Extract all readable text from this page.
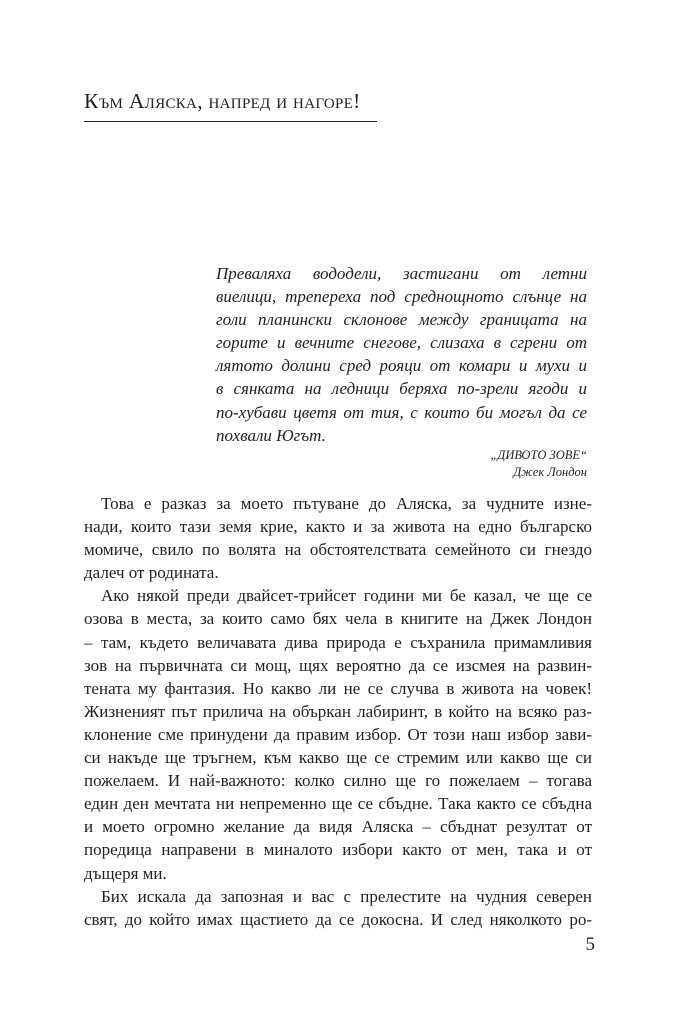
Към Аляска, напред и нагоре!
Преваляха вододели, застигани от летни
виелици, трепереха под среднощното слънце на
голи планински склонове между границата на
горите и вечните снегове, слизаха в сгрени от
лятото долини сред рояци от комари и мухи и
в сянката на ледници беряха по-зрели ягоди и
по-хубави цветя от тия, с които би могъл да се
похвали Югът.
„ДИВОТО ЗОВЕ“
Джек Лондон
Това е разказ за моето пътуване до Аляска, за чудните изне-
нади, които тази земя крие, както и за живота на едно българско
момиче, свило по волята на обстоятелствата семейното си гнездо
далеч от родината.
Ако някой преди двайсет-трийсет години ми бе казал, че ще се
озова в места, за които само бях чела в книгите на Джек Лондон
– там, където величавата дива природа е съхранила примамливия
зов на първичната си мощ, щях вероятно да се изсмея на развин-
тената му фантазия. Но какво ли не се случва в живота на човек!
Жизненият път прилича на объркан лабиринт, в който на всяко раз-
клонение сме принудени да правим избор. От този наш избор зави-
си накъде ще тръгнем, към какво ще се стремим или какво ще си
пожелаем. И най-важното: колко силно ще го пожелаем – тогава
един ден мечтата ни непременно ще се сбъдне. Така както се сбъдна
и моето огромно желание да видя Аляска – сбъднат резултат от
поредица направени в миналото избори както от мен, така и от
дъщеря ми.
Бих искала да запозная и вас с прелестите на чудния северен
свят, до който имах щастието да се докосна. И след няколкото ро-
5
